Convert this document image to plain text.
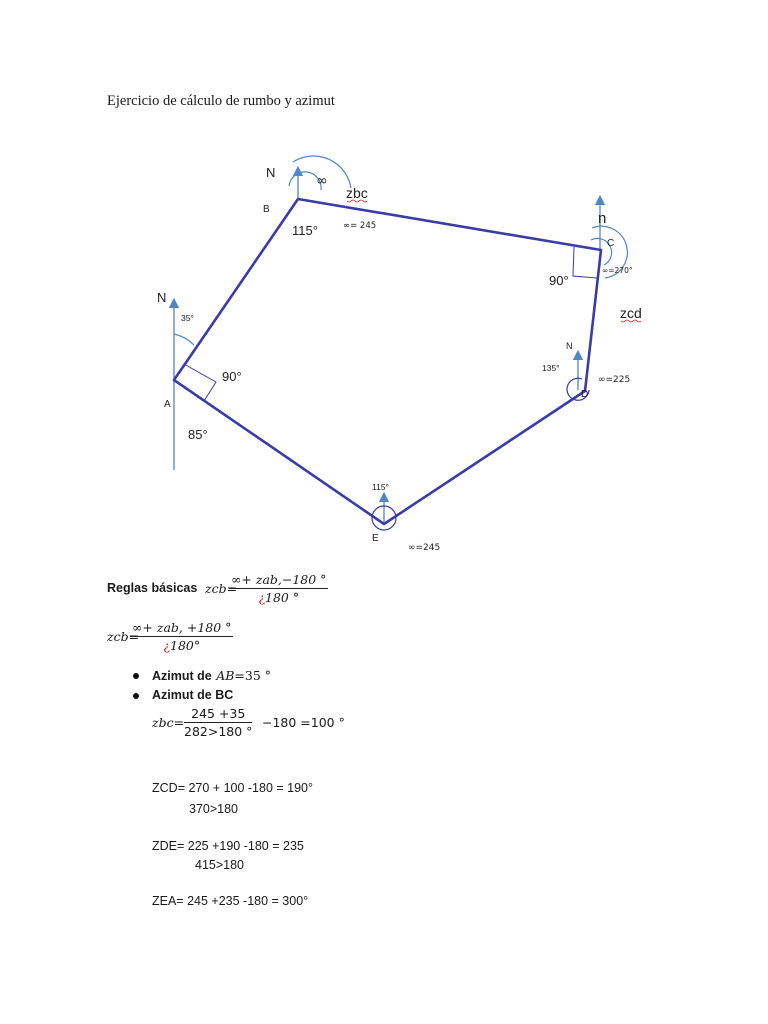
Ejercicio de cálculo de rumbo y azimut
N
∞
zbc
B
115°	∞= 245	n
C
∞=270°
90°
zcd
N
35°
N
135°
∞=225
D
90°
A
85°
115°
E
∞=245
Reglas básicas zcb=
∞+ zab,−180 °
¿180 °
zcb=
∞+ zab, +180 °
¿180°
Azimut de AB=35 °
Azimut de BC
$zbc= \frac{245 +35}{282>180 ^\circ} -180 =100$ °
ZCD= 270 + 100 -180 = 190°
370>180
ZDE= 225 +190 -180 = 235
415>180
ZEA= 245 +235 -180 = 300°
